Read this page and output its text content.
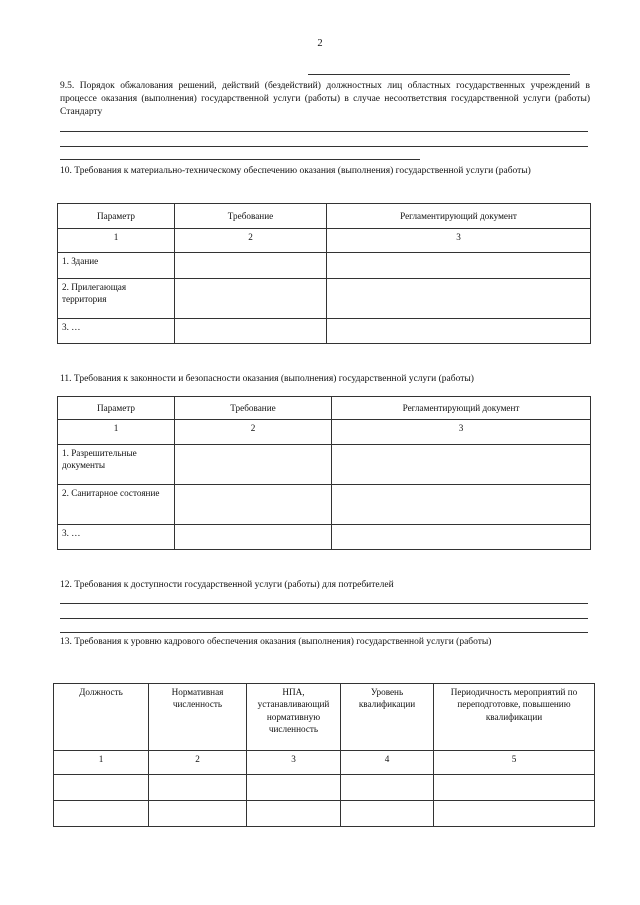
2

9.5. Порядок обжалования решений, действий (бездействий) должностных лиц областных государственных учреждений в процессе оказания (выполнения) государственной услуги (работы) в случае несоответствия государственной услуги (работы) Стандарту

10. Требования к материально-техническому обеспечению оказания (выполнения) государственной услуги (работы)

Параметр	Требование	Регламентирующий документ
1	2	3
1. Здание		
2. Прилегающая территория		
3. …		

11. Требования к законности и безопасности оказания (выполнения) государственной услуги (работы)

Параметр	Требование	Регламентирующий документ
1	2	3
1. Разрешительные документы		
2. Санитарное состояние		
3. …		

12. Требования к доступности государственной услуги (работы) для потребителей

13. Требования к уровню кадрового обеспечения оказания (выполнения) государственной услуги (работы)

Должность	Нормативная численность	НПА, устанавливающий нормативную численность	Уровень квалификации	Периодичность мероприятий по переподготовке, повышению квалификации
1	2	3	4	5
